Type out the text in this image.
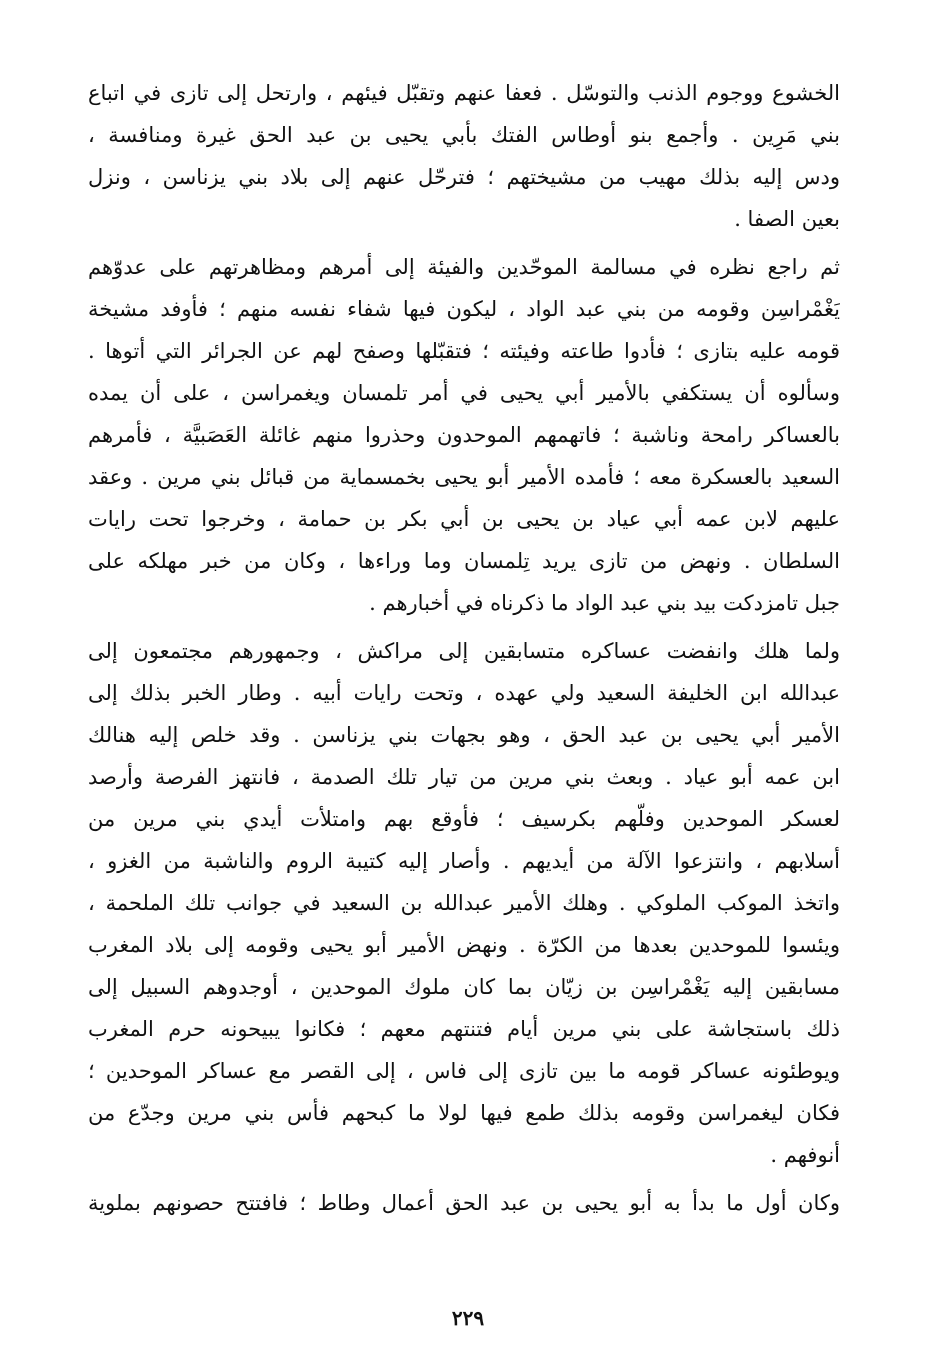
الخشوع ووجوم الذنب والتوسّل . فعفا عنهم وتقبّل فيئهم ، وارتحل إلى تازى في اتباع
بني مَرِين . وأجمع بنو أوطاس الفتك بأبي يحيى بن عبد الحق غيرة ومنافسة ،
ودس إليه بذلك مهيب من مشيختهم ؛ فترحّل عنهم إلى بلاد بني يزناسن ، ونزل
بعين الصفا .
ثم راجع نظره في مسالمة الموحّدين والفيئة إلى أمرهم ومظاهرتهم على عدوّهم
يَغْمْراسِن وقومه من بني عبد الواد ، ليكون فيها شفاء نفسه منهم ؛ فأوفد مشيخة
قومه عليه بتازى ؛ فأدوا طاعته وفيئته ؛ فتقبّلها وصفح لهم عن الجرائر التي أتوها .
وسألوه أن يستكفي بالأمير أبي يحيى في أمر تلمسان ويغمراسن ، على أن يمده
بالعساكر رامحة وناشبة ؛ فاتهمهم الموحدون وحذروا منهم غائلة العَصَبيَّة ، فأمرهم
السعيد بالعسكرة معه ؛ فأمده الأمير أبو يحيى بخمسماية من قبائل بني مرين . وعقد
عليهم لابن عمه أبي عياد بن يحيى بن أبي بكر بن حمامة ، وخرجوا تحت رايات
السلطان . ونهض من تازى يريد تِلمسان وما وراءها ، وكان من خبر مهلكه على
جبل تامزدكت بيد بني عبد الواد ما ذكرناه في أخبارهم .
ولما هلك وانفضت عساكره متسابقين إلى مراكش ، وجمهورهم مجتمعون إلى
عبدالله ابن الخليفة السعيد ولي عهده ، وتحت رايات أبيه . وطار الخبر بذلك إلى
الأمير أبي يحيى بن عبد الحق ، وهو بجهات بني يزناسن . وقد خلص إليه هنالك
ابن عمه أبو عياد . وبعث بني مرين من تيار تلك الصدمة ، فانتهز الفرصة وأرصد
لعسكر الموحدين وفلّهم بكرسيف ؛ فأوقع بهم وامتلأت أيدي بني مرين من
أسلابهم ، وانتزعوا الآلة من أيديهم . وأصار إليه كتيبة الروم والناشبة من الغزو ،
واتخذ الموكب الملوكي . وهلك الأمير عبدالله بن السعيد في جوانب تلك الملحمة ،
ويئسوا للموحدين بعدها من الكرّة . ونهض الأمير أبو يحيى وقومه إلى بلاد المغرب
مسابقين إليه يَغْمْراسِن بن زيّان بما كان ملوك الموحدين ، أوجدوهم السبيل إلى
ذلك باستجاشة على بني مرين أيام فتنتهم معهم ؛ فكانوا يبيحونه حرم المغرب
ويوطئونه عساكر قومه ما بين تازى إلى فاس ، إلى القصر مع عساكر الموحدين ؛
فكان ليغمراسن وقومه بذلك طمع فيها لولا ما كبحهم فأس بني مرين وجدّع من
أنوفهم .
وكان أول ما بدأ به أبو يحيى بن عبد الحق أعمال وطاط ؛ فافتتح حصونهم بملوية
٢٢٩
